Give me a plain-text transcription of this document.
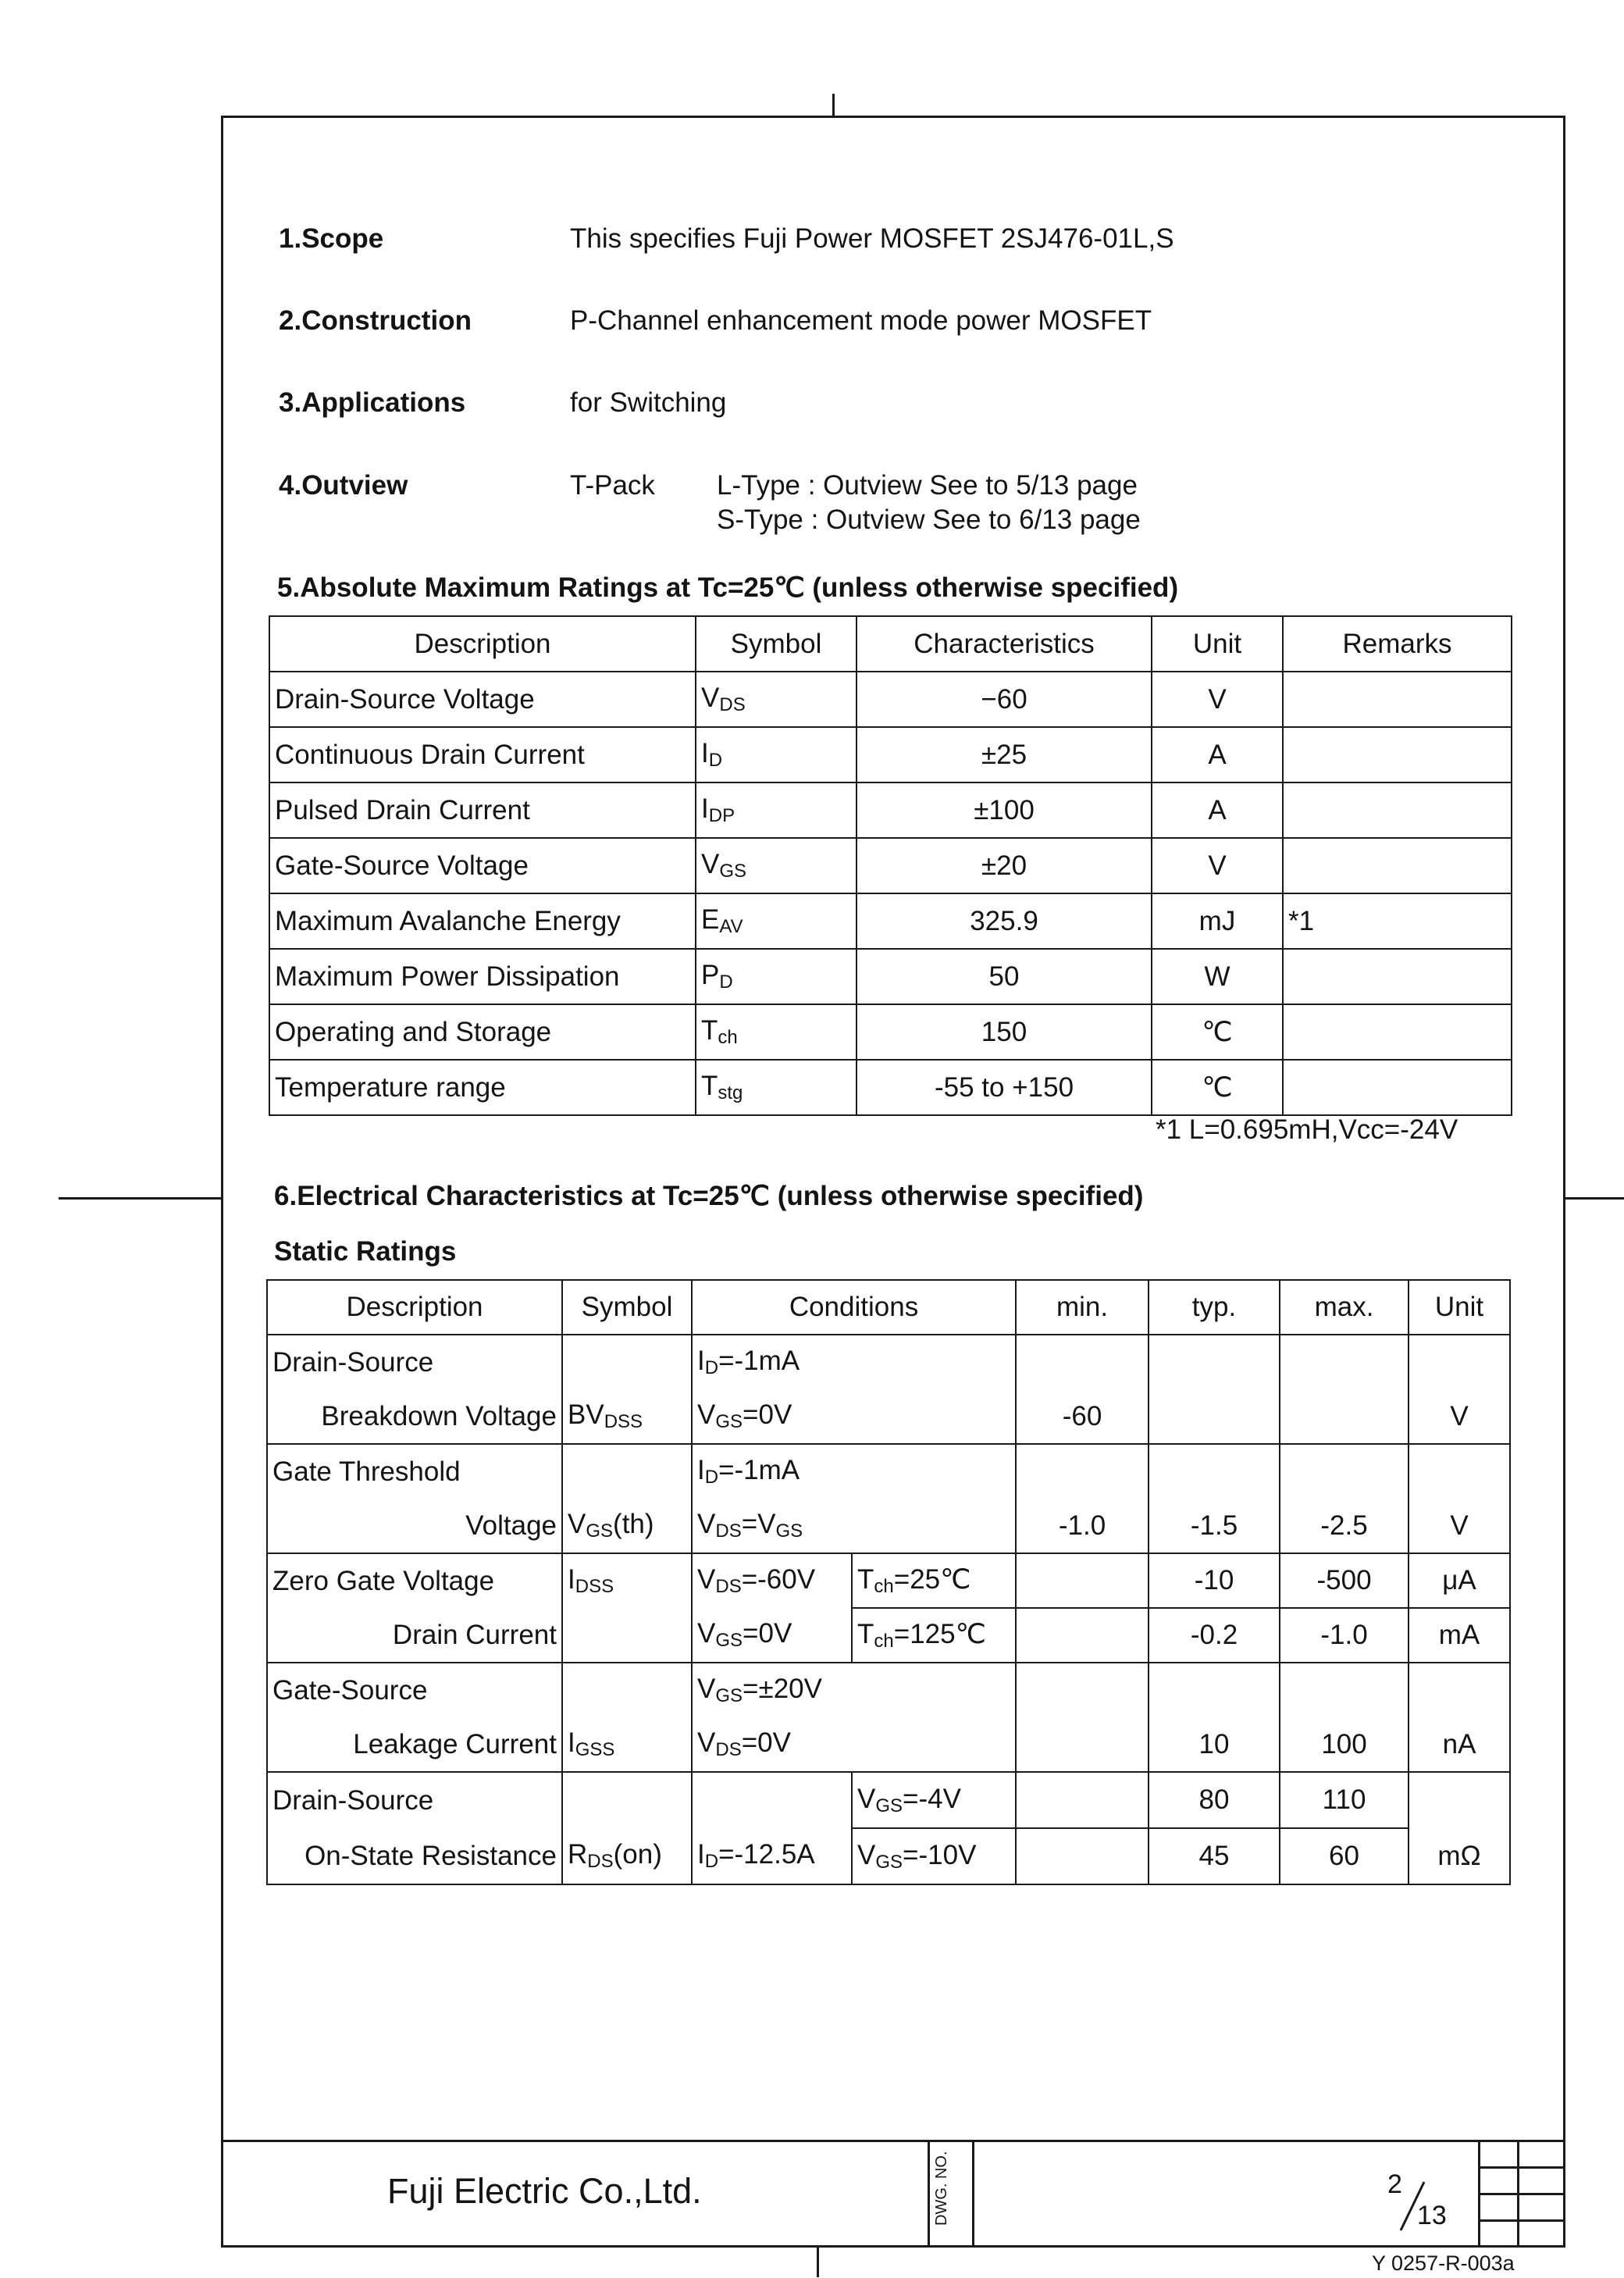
1.Scope	This specifies Fuji Power MOSFET 2SJ476-01L,S
2.Construction	P-Channel enhancement mode power MOSFET
3.Applications	for Switching
4.Outview	T-Pack L-Type : Outview See to 5/13 page
S-Type : Outview See to 6/13 page
5.Absolute Maximum Ratings at Tc=25℃ (unless otherwise specified)
Description	Symbol	Characteristics	Unit	Remarks
Drain-Source Voltage	$V_{DS}$	−60	V	
Continuous Drain Current	$I_D$	±25	A	
Pulsed Drain Current	$I_{DP}$	±100	A	
Gate-Source Voltage	$V_{GS}$	±20	V	
Maximum Avalanche Energy	$E_{AV}$	325.9	mJ	*1
Maximum Power Dissipation	$P_D$	50	W	
Operating and Storage	$T_{ch}$	150	℃	
Temperature range	$T_{stg}$	-55 to +150	℃	
*1 L=0.695mH,Vcc=-24V
6.Electrical Characteristics at Tc=25℃ (unless otherwise specified)
Static Ratings
Description	Symbol	Conditions		min.	typ.	max.	Unit
Drain-Source		$I_D=-1mA$					
Breakdown Voltage	$BV_{DSS}$	$V_{GS}=0V$		-60			V
Gate Threshold		$I_D=-1mA$					
Voltage	$V_{GS}(th)$	$V_{DS}=V_{GS}$		-1.0	-1.5	-2.5	V
Zero Gate Voltage	$I_{DSS}$	$V_{DS}=-60V$	$T_{ch}=25℃$		-10	-500	μA
Drain Current		$V_{GS}=0V$	$T_{ch}=125℃$		-0.2	-1.0	mA
Gate-Source		$V_{GS}=\pm 20V$					
Leakage Current	$I_{GSS}$	$V_{DS}=0V$			10	100	nA
Drain-Source			$V_{GS}=-4V$		80	110	
On-State Resistance	$R_{DS}(on)$	$I_D=-12.5A$	$V_{GS}=-10V$		45	60	mΩ
Fuji Electric Co.,Ltd.	DWG. NO.	2
13
Y 0257-R-003a
